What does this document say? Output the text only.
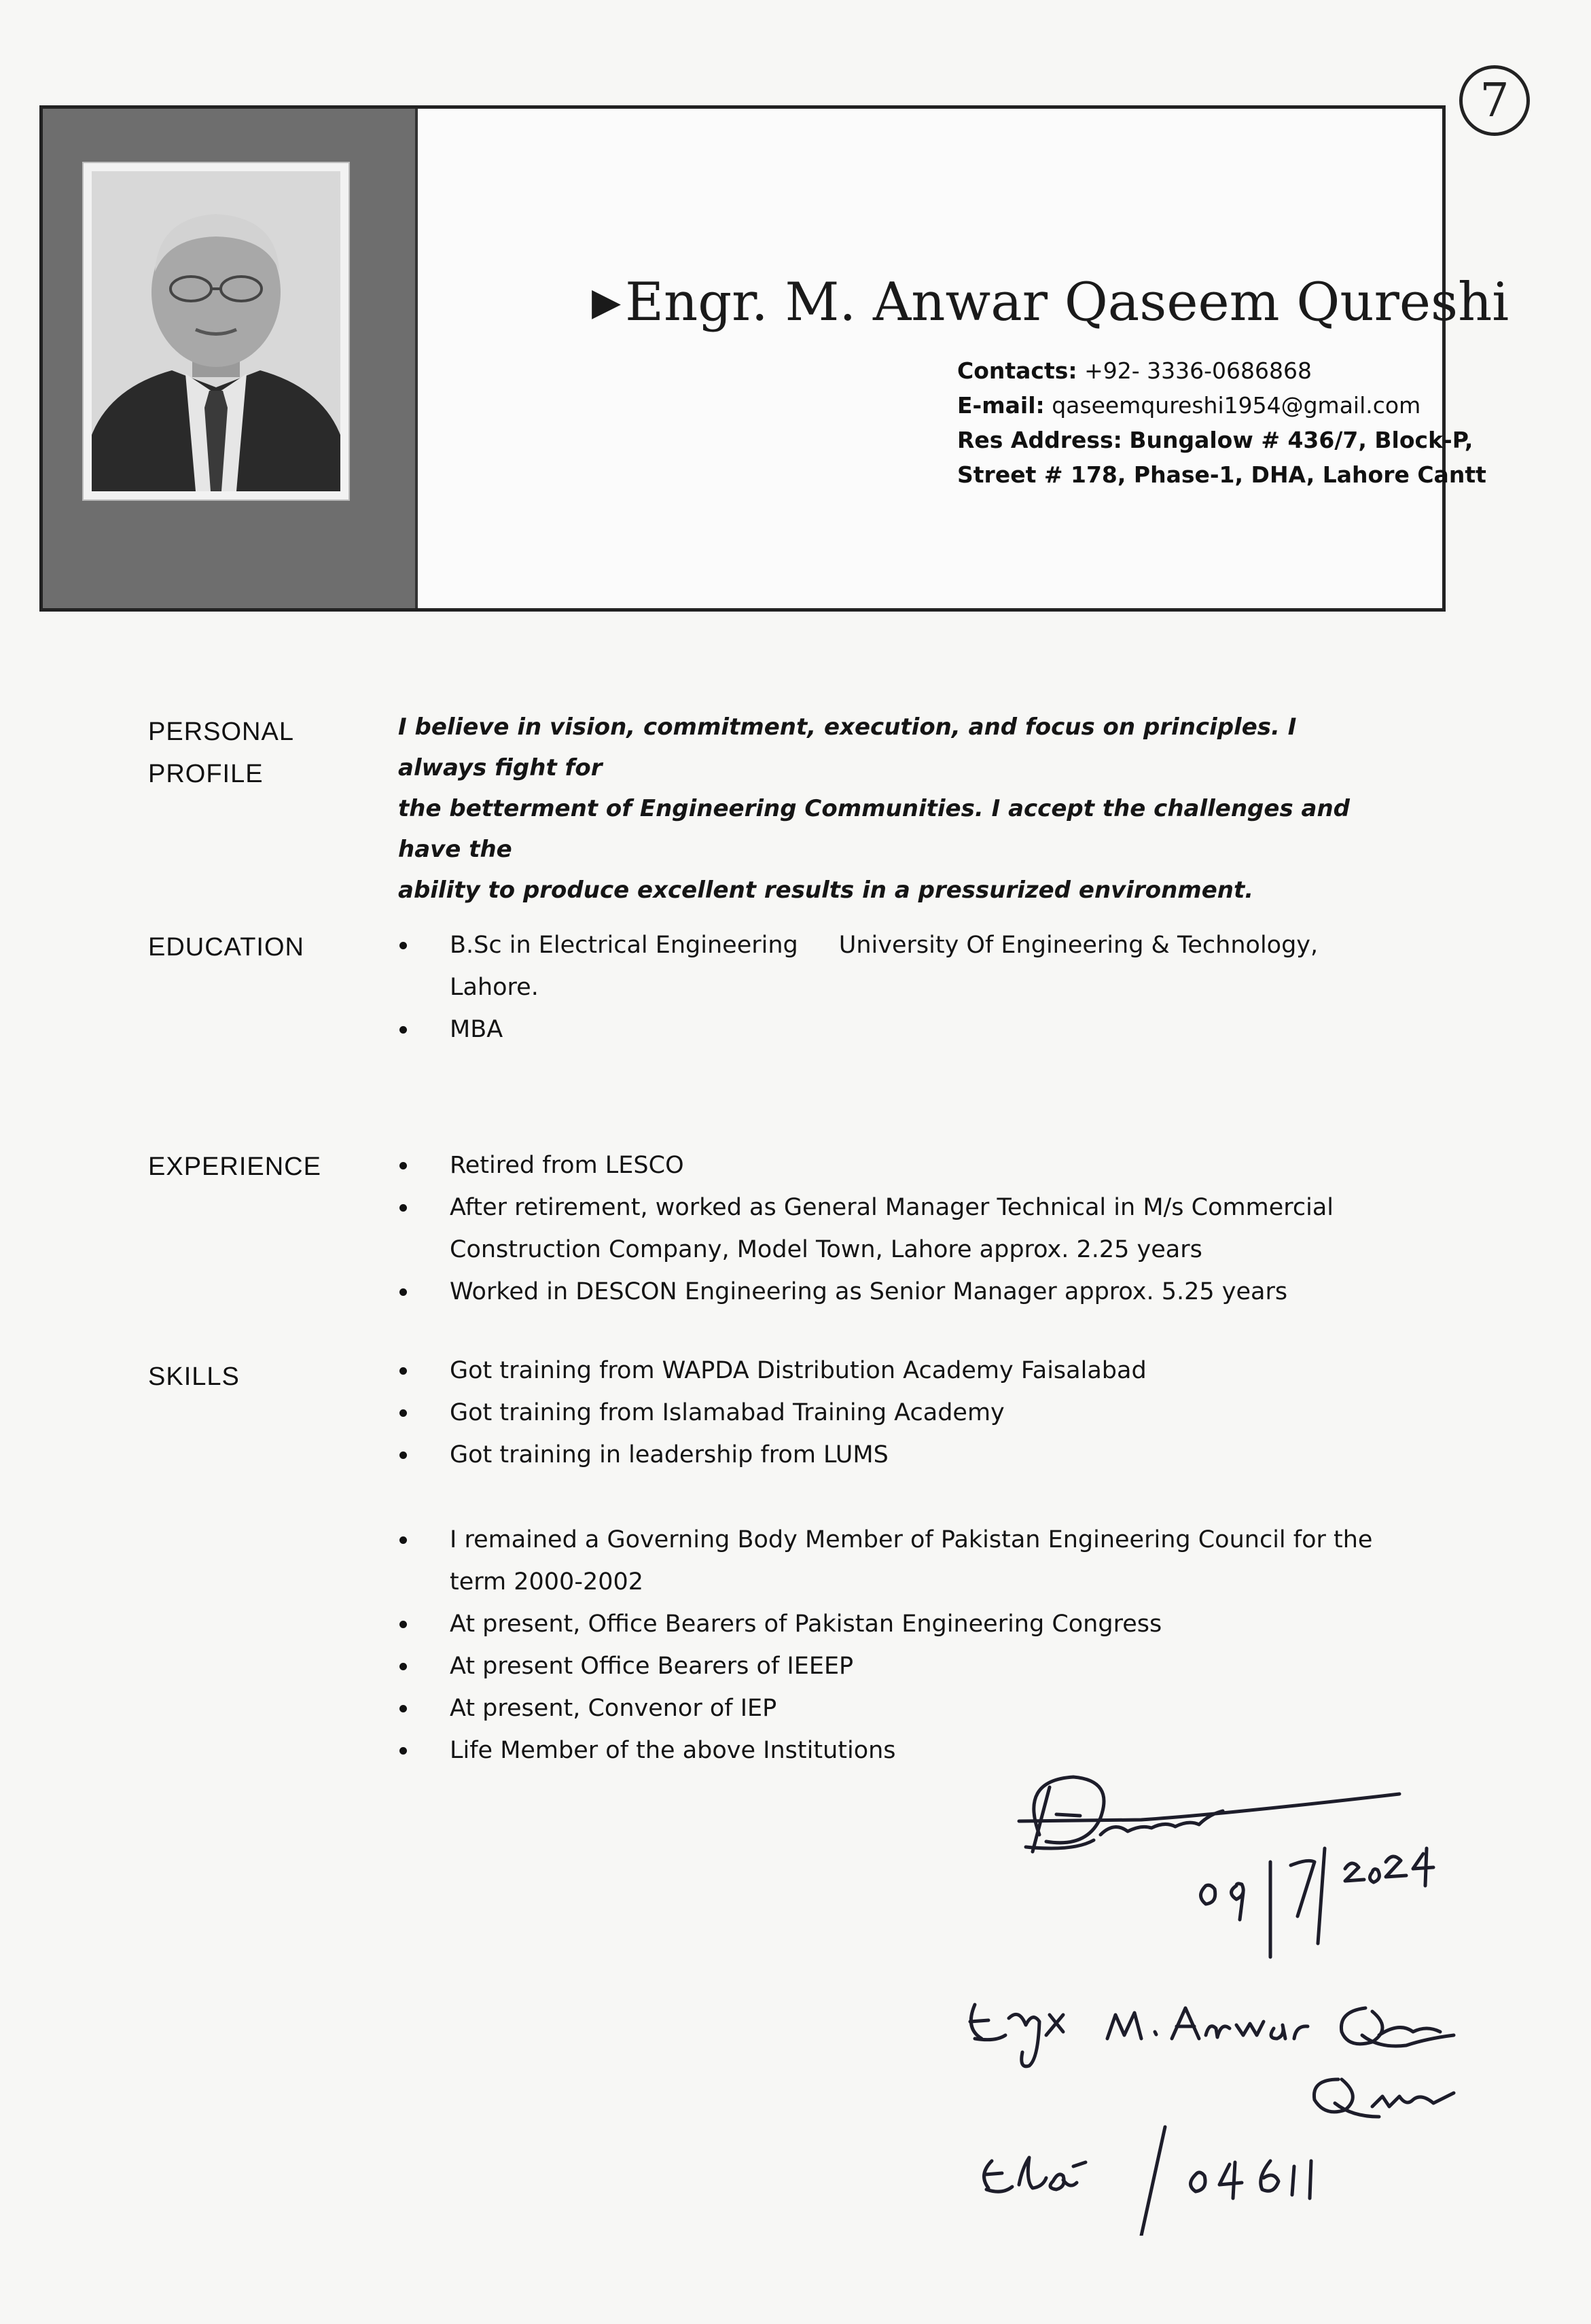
7
▶Engr. M. Anwar Qaseem Qureshi
Contacts: +92- 3336-0686868
E-mail: qaseemqureshi1954@gmail.com
Res Address: Bungalow # 436/7, Block-P,
Street # 178, Phase-1, DHA, Lahore Cantt
PERSONAL
PROFILE
I believe in vision, commitment, execution, and focus on principles. I always fight for
the betterment of Engineering Communities. I accept the challenges and have the
ability to produce excellent results in a pressurized environment.
EDUCATION	B.Sc in Electrical Engineering University Of Engineering & Technology,
Lahore.
MBA
EXPERIENCE	Retired from LESCO
After retirement, worked as General Manager Technical in M/s Commercial
Construction Company, Model Town, Lahore approx. 2.25 years
Worked in DESCON Engineering as Senior Manager approx. 5.25 years
SKILLS	Got training from WAPDA Distribution Academy Faisalabad
Got training from Islamabad Training Academy
Got training in leadership from LUMS
I remained a Governing Body Member of Pakistan Engineering Council for the
term 2000-2002
At present, Office Bearers of Pakistan Engineering Congress
At present Office Bearers of IEEEP
At present, Convenor of IEP
Life Member of the above Institutions
